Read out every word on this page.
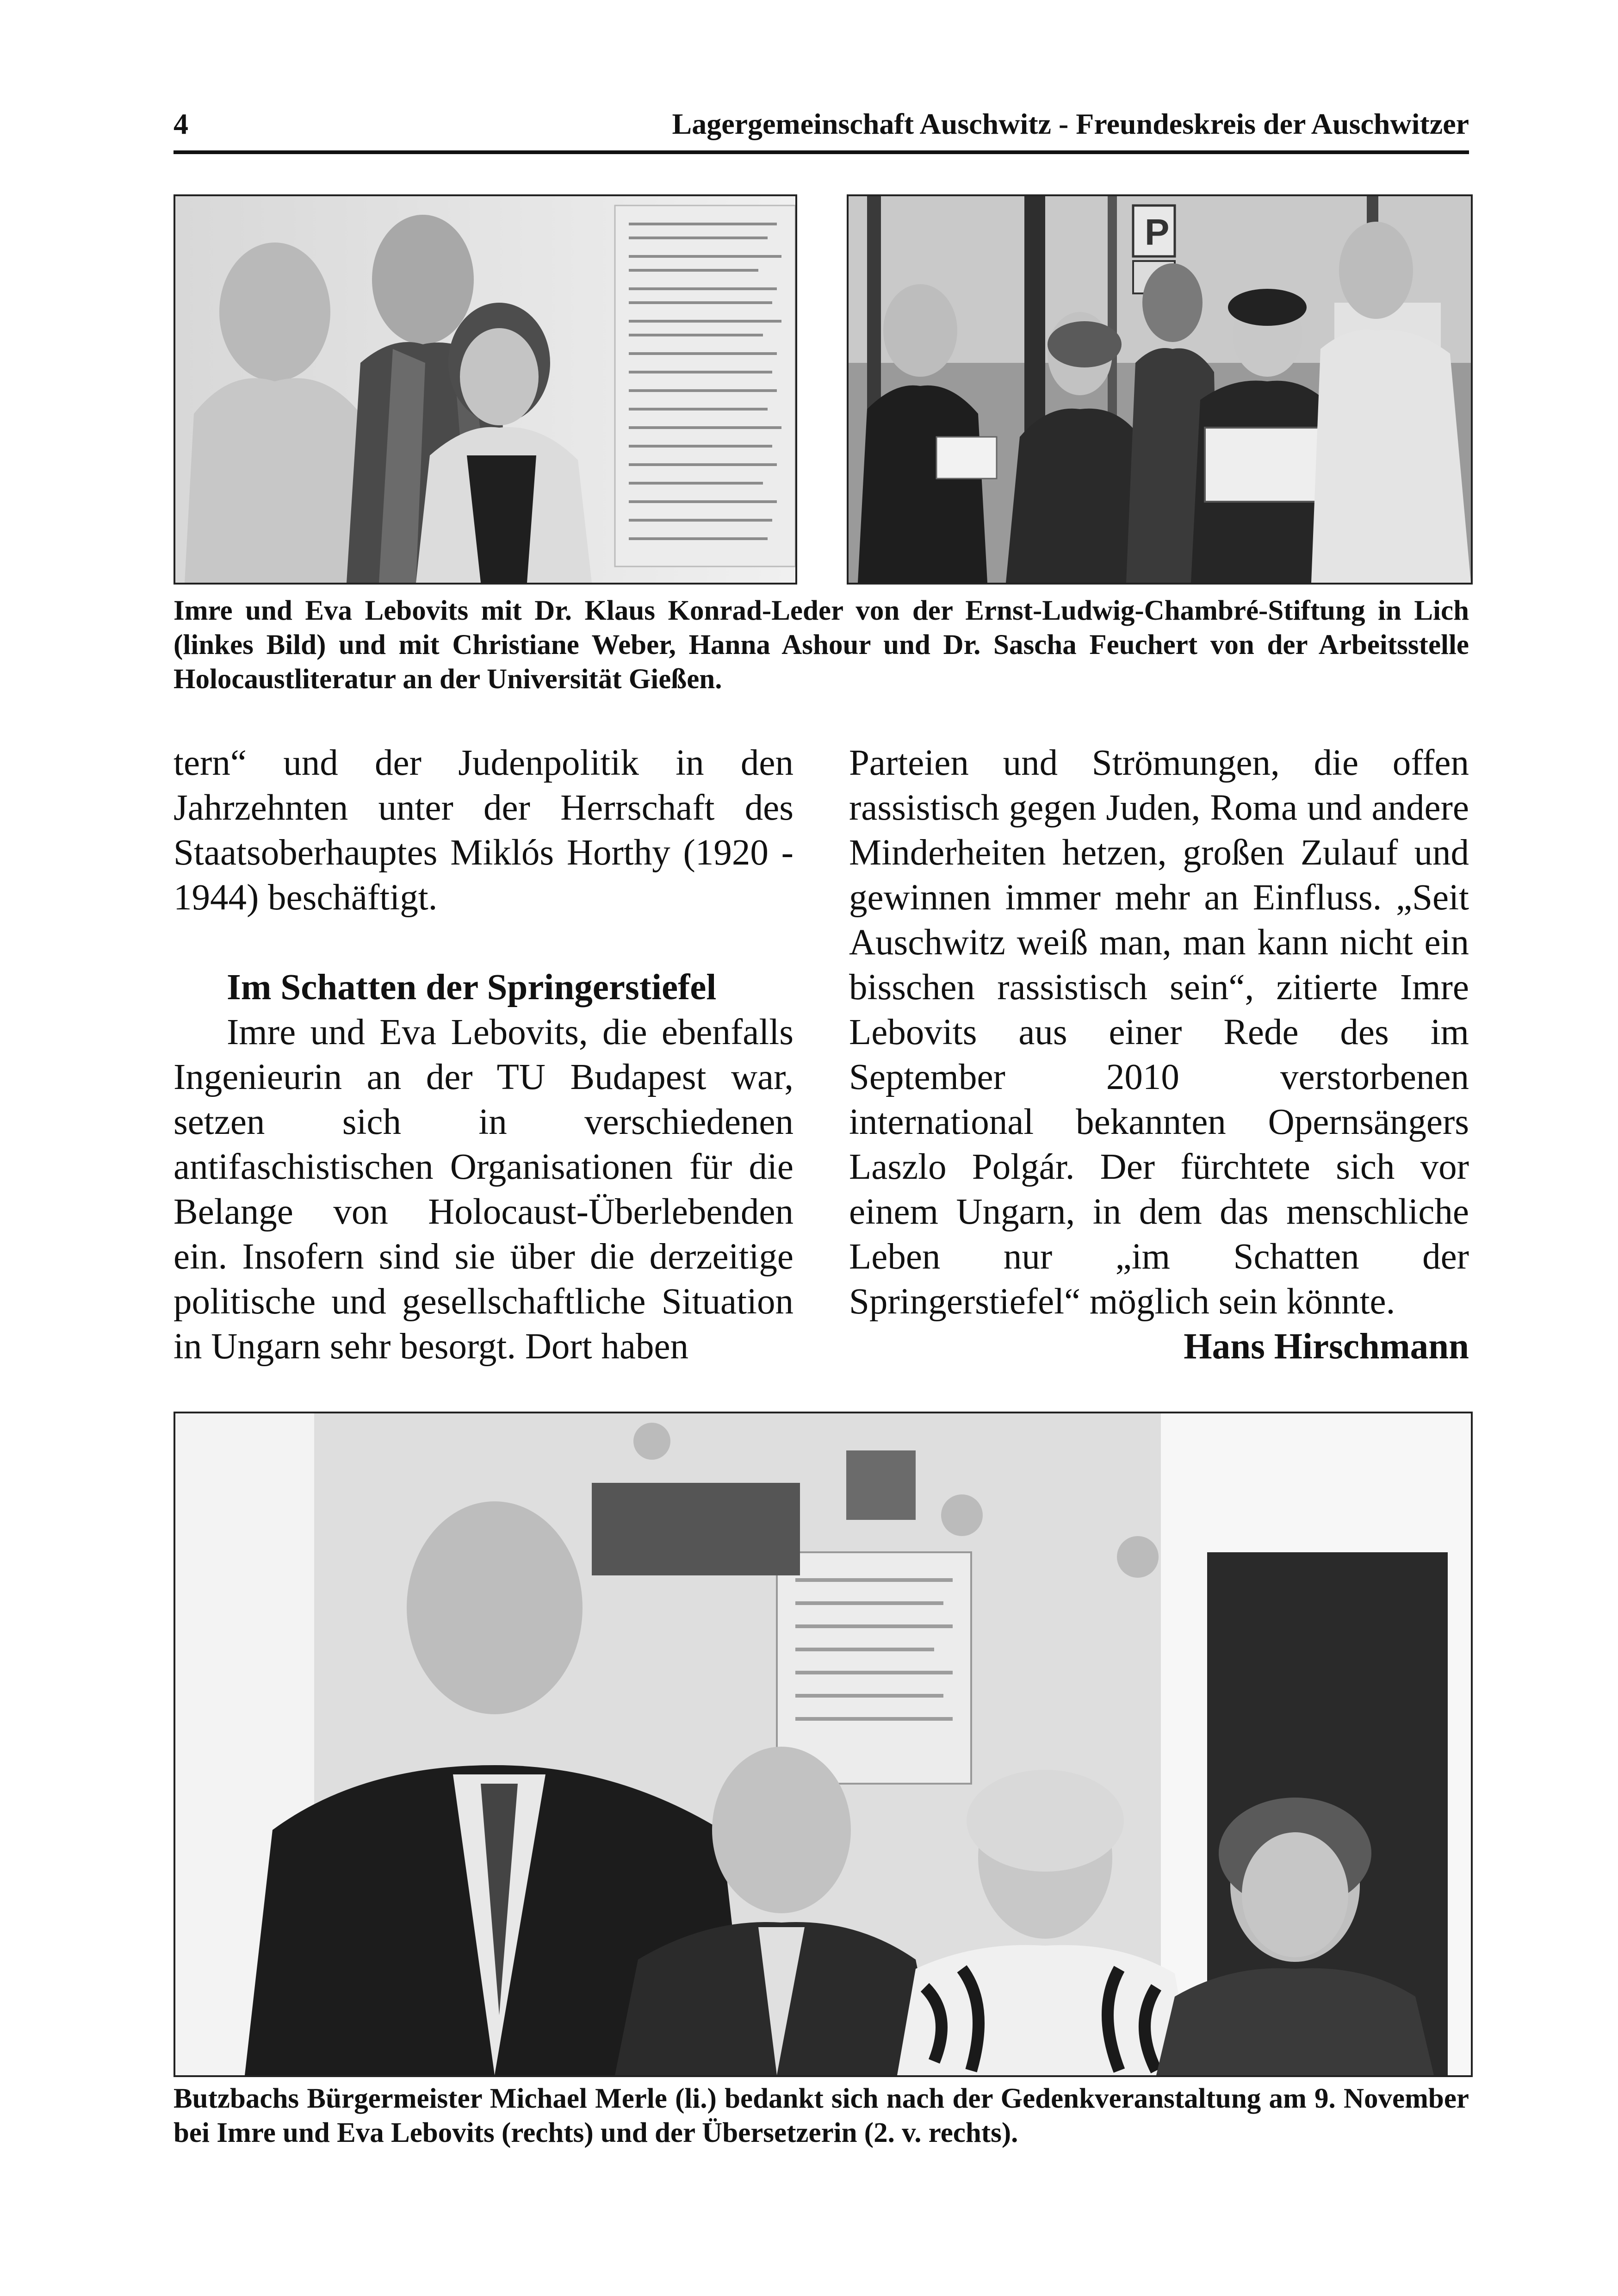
4	Lagergemeinschaft Auschwitz - Freundeskreis der Auschwitzer
P
Imre und Eva Lebovits mit Dr. Klaus Konrad-Leder von der Ernst-Ludwig-Chambré-Stiftung in Lich (linkes Bild) und mit Christiane Weber, Hanna Ashour und Dr. Sascha Feuchert von der Arbeitsstelle Holocaustliteratur an der Universität Gießen.

tern“ und der Judenpolitik in den Jahrzehnten unter der Herrschaft des Staatsoberhauptes Miklós Horthy (1920 - 1944) beschäftigt.

Im Schatten der Springerstiefel

Imre und Eva Lebovits, die ebenfalls Ingenieurin an der TU Budapest war, setzen sich in verschiedenen antifaschistischen Organisationen für die Belange von Holocaust-Überlebenden ein. Insofern sind sie über die derzeitige politische und gesellschaftliche Situation in Ungarn sehr besorgt. Dort haben

Parteien und Strömungen, die offen rassistisch gegen Juden, Roma und andere Minderheiten hetzen, großen Zulauf und gewinnen immer mehr an Einfluss. „Seit Auschwitz weiß man, man kann nicht ein bisschen rassistisch sein“, zitierte Imre Lebovits aus einer Rede des im September 2010 verstorbenen international bekannten Opernsängers Laszlo Polgár. Der fürchtete sich vor einem Ungarn, in dem das menschliche Leben nur „im Schatten der Springerstiefel“ möglich sein könnte.

Hans Hirschmann

Butzbachs Bürgermeister Michael Merle (li.) bedankt sich nach der Gedenkveranstaltung am 9. November bei Imre und Eva Lebovits (rechts) und der Übersetzerin (2. v. rechts).
